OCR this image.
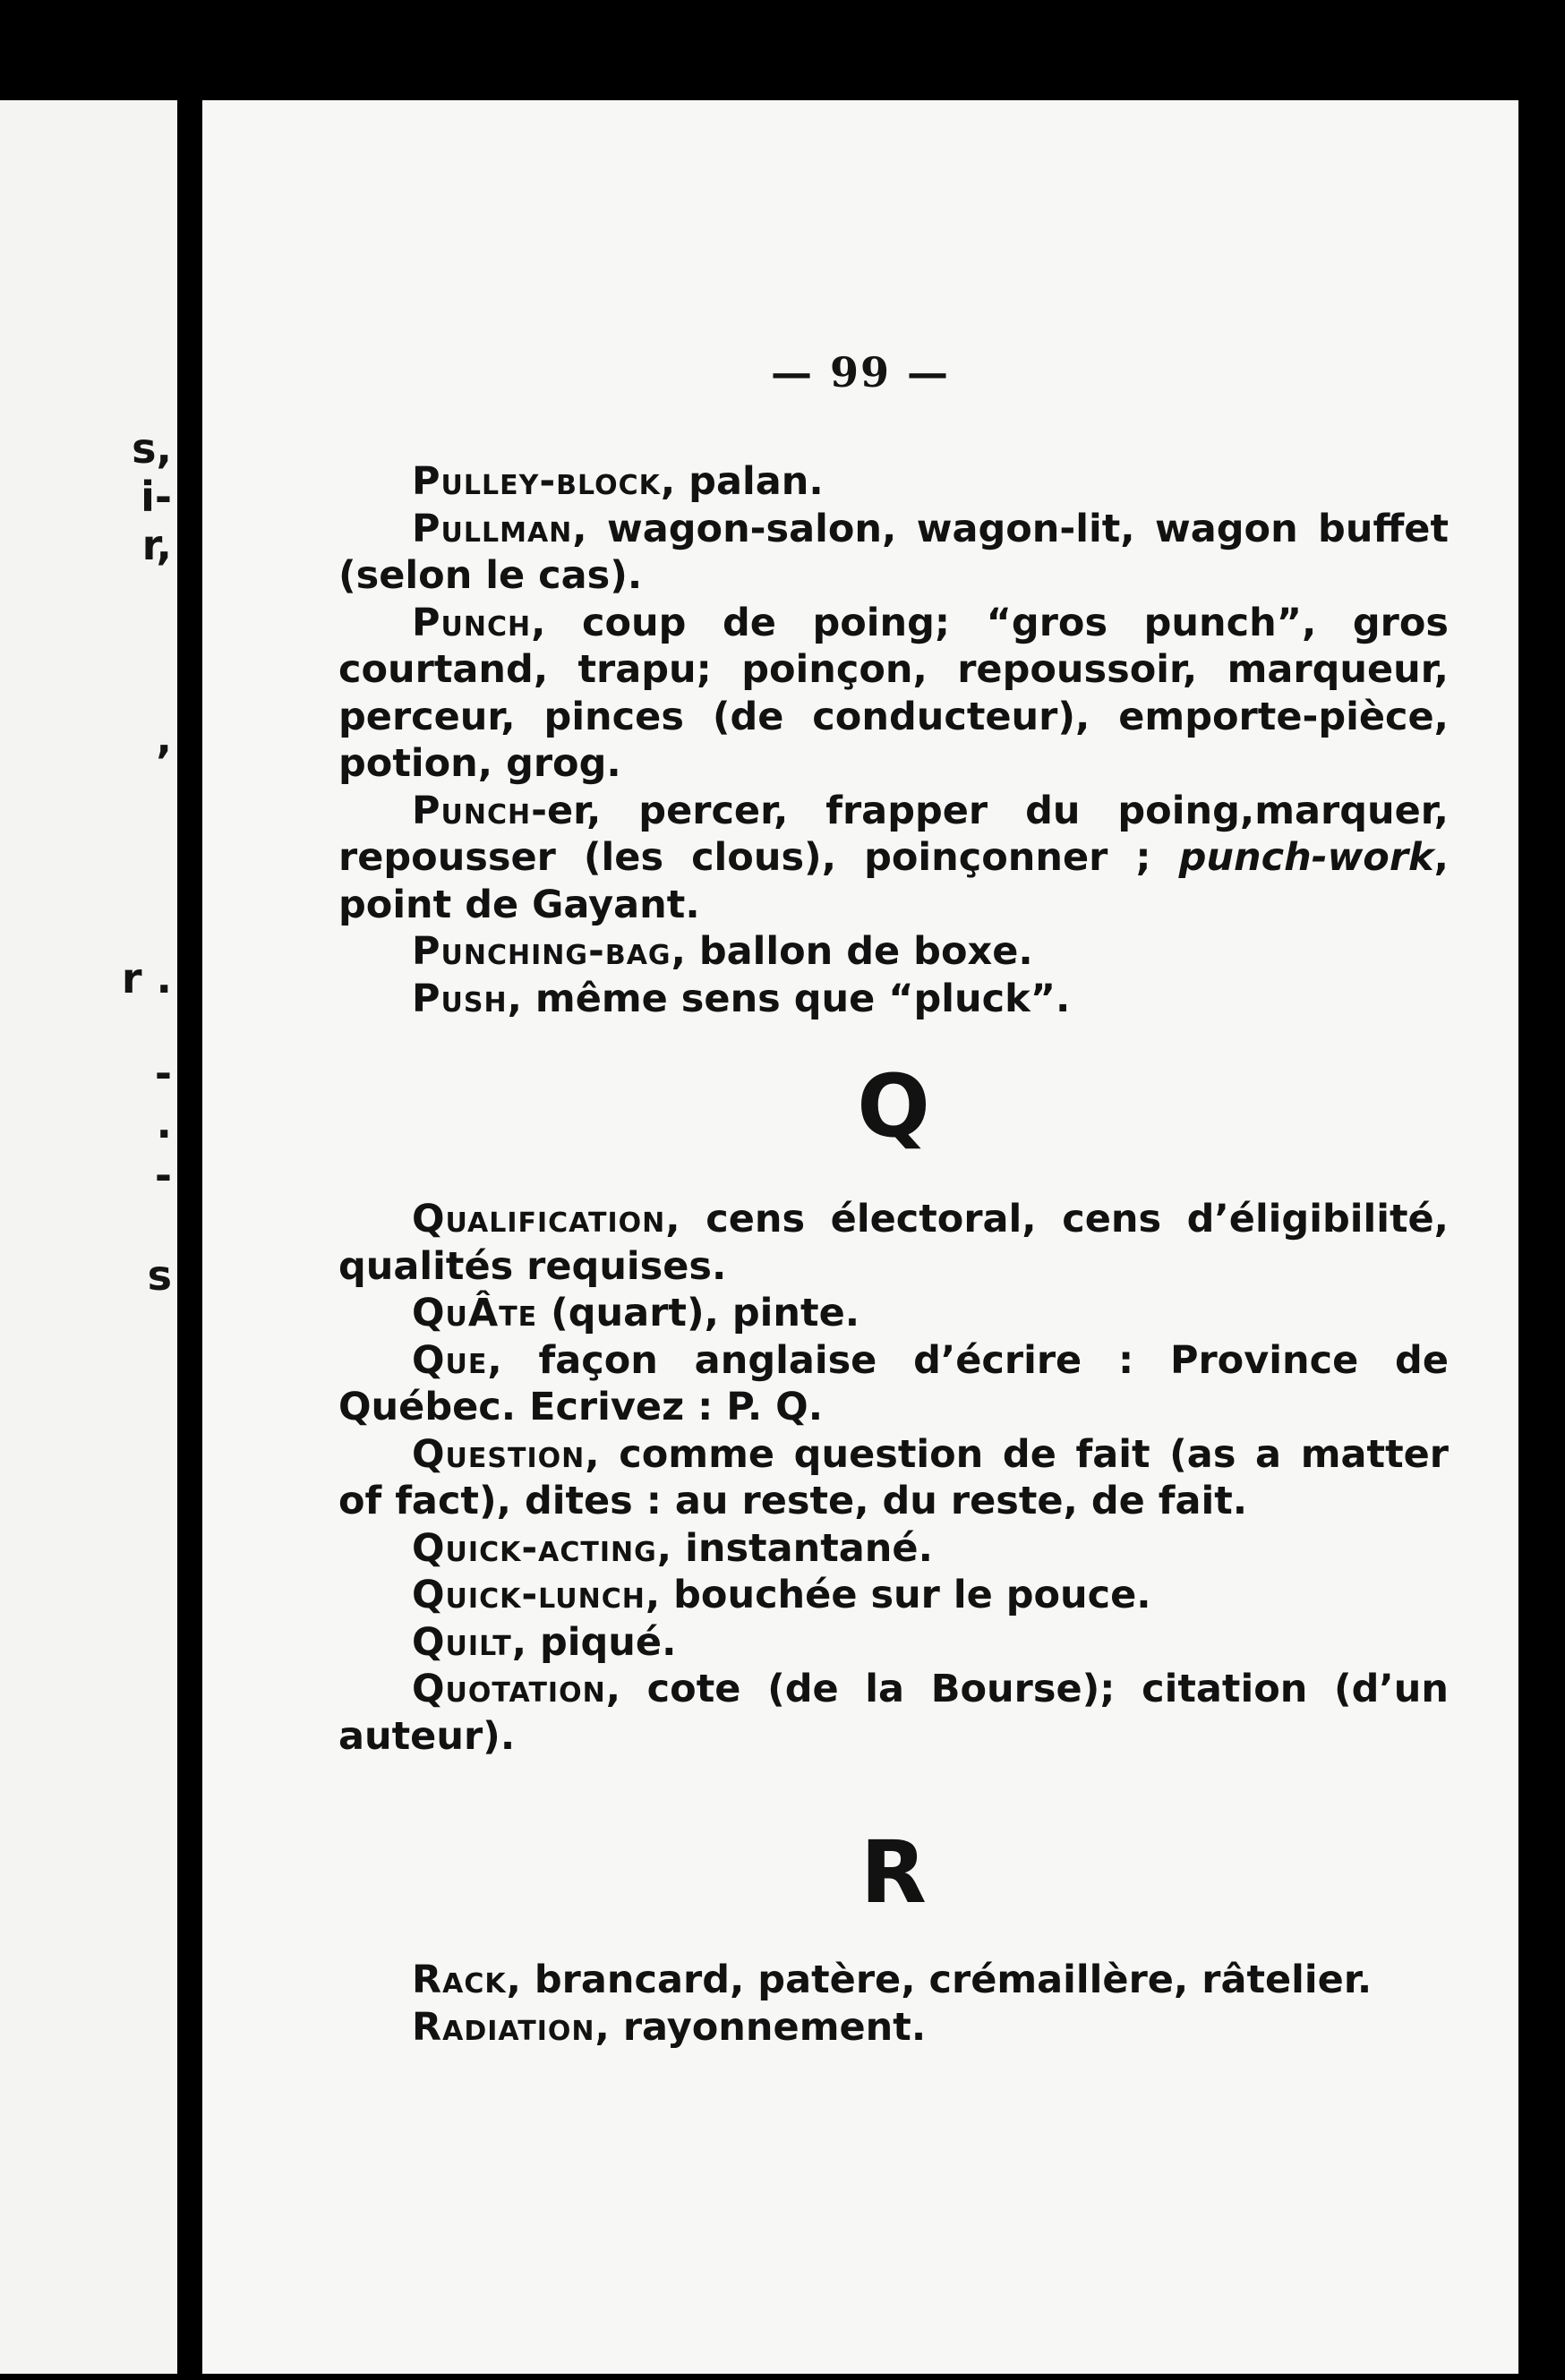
s,
i-
r,
,
r .
-
.
-
s
— 99 —

Pulley-block, palan.

Pullman, wagon-salon, wagon-lit, wagon buffet (selon le cas).

Punch, coup de poing; “gros punch”, gros courtand, trapu; poinçon, repoussoir, marqueur, perceur, pinces (de conducteur), emporte-pièce, potion, grog.

Punch-er, percer, frapper du poing,marquer, repousser (les clous), poinçonner ; punch-work, point de Gayant.

Punching-bag, ballon de boxe.

Push, même sens que “pluck”.

Q

Qualification, cens électoral, cens d’éligibilité, qualités requises.

QuÂte (quart), pinte.

Que, façon anglaise d’écrire : Province de Québec. Ecrivez : P. Q.

Question, comme question de fait (as a matter of fact), dites : au reste, du reste, de fait.

Quick-acting, instantané.

Quick-lunch, bouchée sur le pouce.

Quilt, piqué.

Quotation, cote (de la Bourse); citation (d’un auteur).

R

Rack, brancard, patère, crémaillère, râtelier.

Radiation, rayonnement.
